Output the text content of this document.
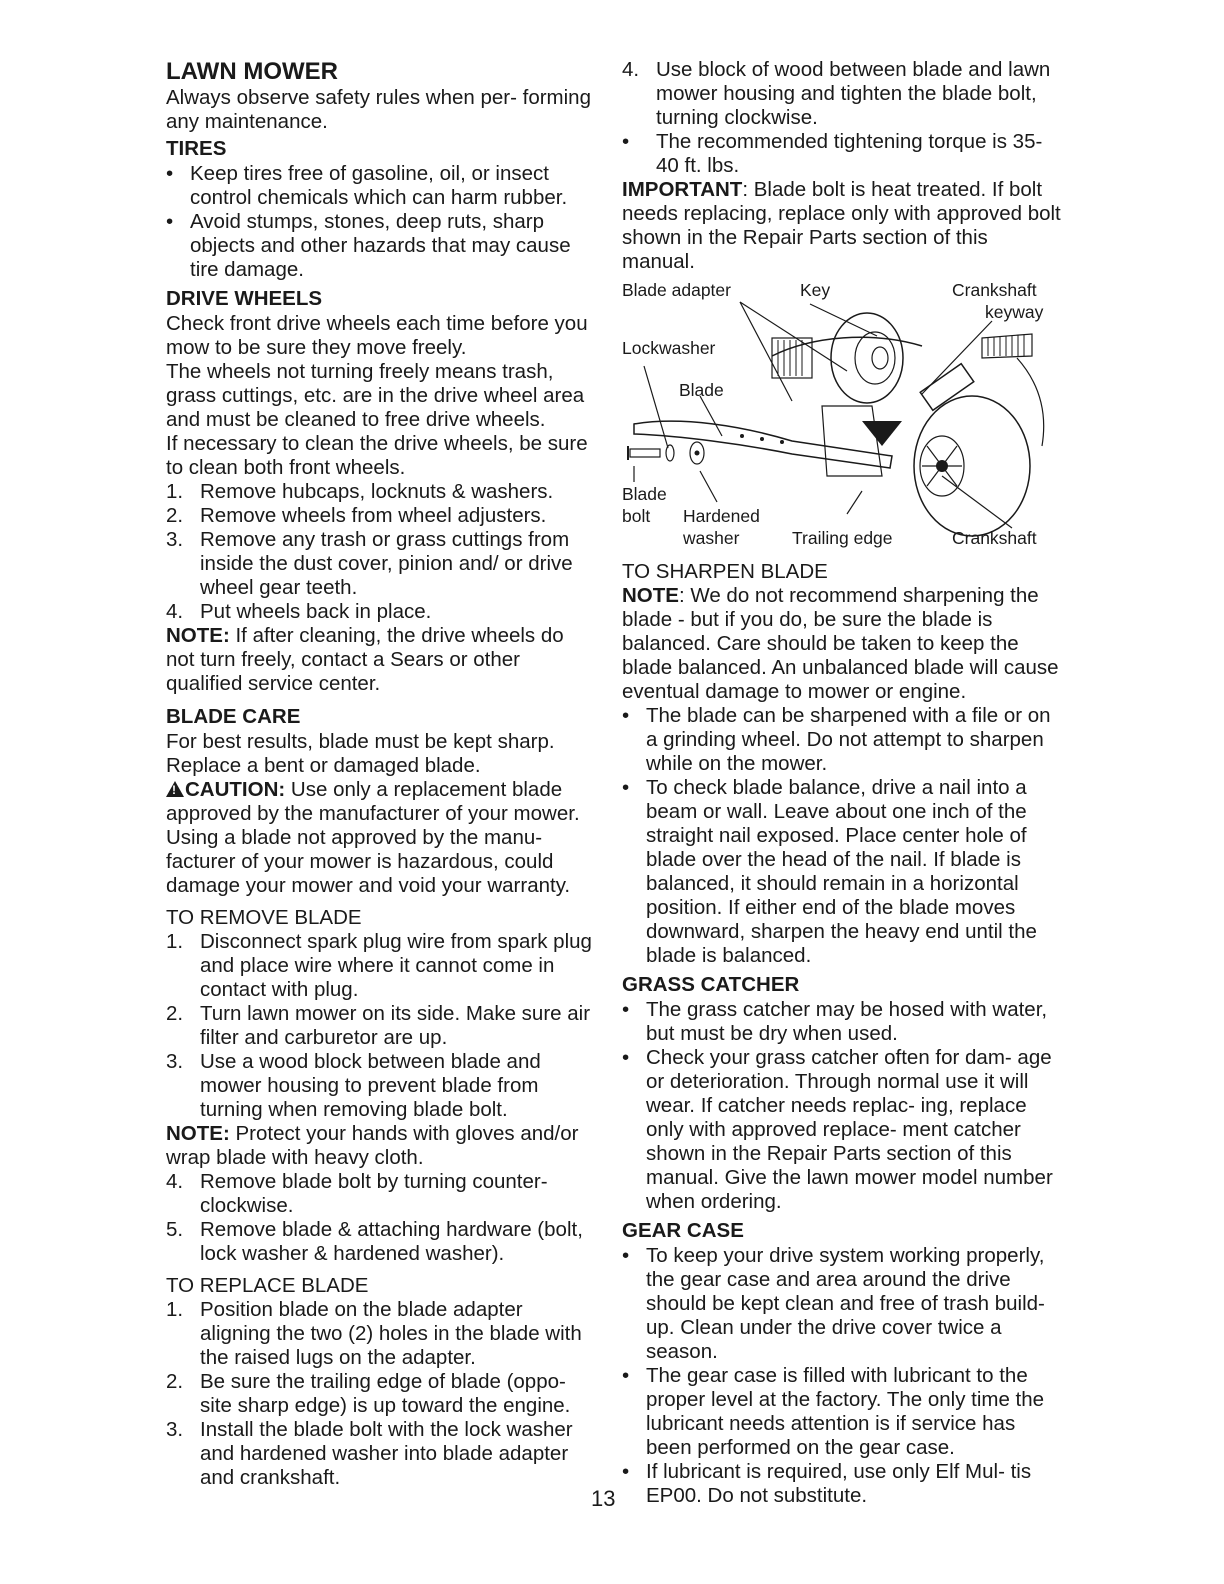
LAWN MOWER

Always observe safety rules when per- forming any maintenance.

TIRES
• Keep tires free of gasoline, oil, or insect control chemicals which can harm rubber.
• Avoid stumps, stones, deep ruts, sharp objects and other hazards that may cause tire damage.
DRIVE WHEELS

Check front drive wheels each time before you mow to be sure they move freely.

The wheels not turning freely means trash, grass cuttings, etc. are in the drive wheel area and must be cleaned to free drive wheels.

If necessary to clean the drive wheels, be sure to clean both front wheels.

1. Remove hubcaps, locknuts & washers.
2. Remove wheels from wheel adjusters.
3. Remove any trash or grass cuttings from inside the dust cover, pinion and/ or drive wheel gear teeth.
4. Put wheels back in place.

NOTE: If after cleaning, the drive wheels do not turn freely, contact a Sears or other qualified service center.

BLADE CARE

For best results, blade must be kept sharp. Replace a bent or damaged blade.

!CAUTION: Use only a replacement blade approved by the manufacturer of your mower. Using a blade not approved by the manu- facturer of your mower is hazardous, could damage your mower and void your warranty.

TO REMOVE BLADE
1. Disconnect spark plug wire from spark plug and place wire where it cannot come in contact with plug.
2. Turn lawn mower on its side. Make sure air filter and carburetor are up.
3. Use a wood block between blade and mower housing to prevent blade from turning when removing blade bolt.

NOTE: Protect your hands with gloves and/or wrap blade with heavy cloth.

4. Remove blade bolt by turning counter- clockwise.
5. Remove blade & attaching hardware (bolt, lock washer & hardened washer).
TO REPLACE BLADE
1. Position blade on the blade adapter aligning the two (2) holes in the blade with the raised lugs on the adapter.
2. Be sure the trailing edge of blade (oppo- site sharp edge) is up toward the engine.
3. Install the blade bolt with the lock washer and hardened washer into blade adapter and crankshaft.
4. Use block of wood between blade and lawn mower housing and tighten the blade bolt, turning clockwise.
•	The recommended tightening torque is 35-40 ft. lbs.

IMPORTANT: Blade bolt is heat treated. If bolt needs replacing, replace only with approved bolt shown in the Repair Parts section of this manual.

Blade adapter	Key	Crankshaft
keyway
Lockwasher
Blade
Blade
bolt Hardened
washer	Trailing edge	Crankshaft
TO SHARPEN BLADE

NOTE: We do not recommend sharpening the blade - but if you do, be sure the blade is balanced. Care should be taken to keep the blade balanced. An unbalanced blade will cause eventual damage to mower or engine.

• The blade can be sharpened with a file or on a grinding wheel. Do not attempt to sharpen while on the mower.
• To check blade balance, drive a nail into a beam or wall. Leave about one inch of the straight nail exposed. Place center hole of blade over the head of the nail. If blade is balanced, it should remain in a horizontal position. If either end of the blade moves downward, sharpen the heavy end until the blade is balanced.
GRASS CATCHER
• The grass catcher may be hosed with water, but must be dry when used.
• Check your grass catcher often for dam- age or deterioration. Through normal use it will wear. If catcher needs replac- ing, replace only with approved replace- ment catcher shown in the Repair Parts section of this manual. Give the lawn mower model number when ordering.
GEAR CASE
• To keep your drive system working properly, the gear case and area around the drive should be kept clean and free of trash build-up. Clean under the drive cover twice a season.
• The gear case is filled with lubricant to the proper level at the factory. The only time the lubricant needs attention is if service has been performed on the gear case.
• If lubricant is required, use only Elf Mul- tis EP00. Do not substitute.
13
